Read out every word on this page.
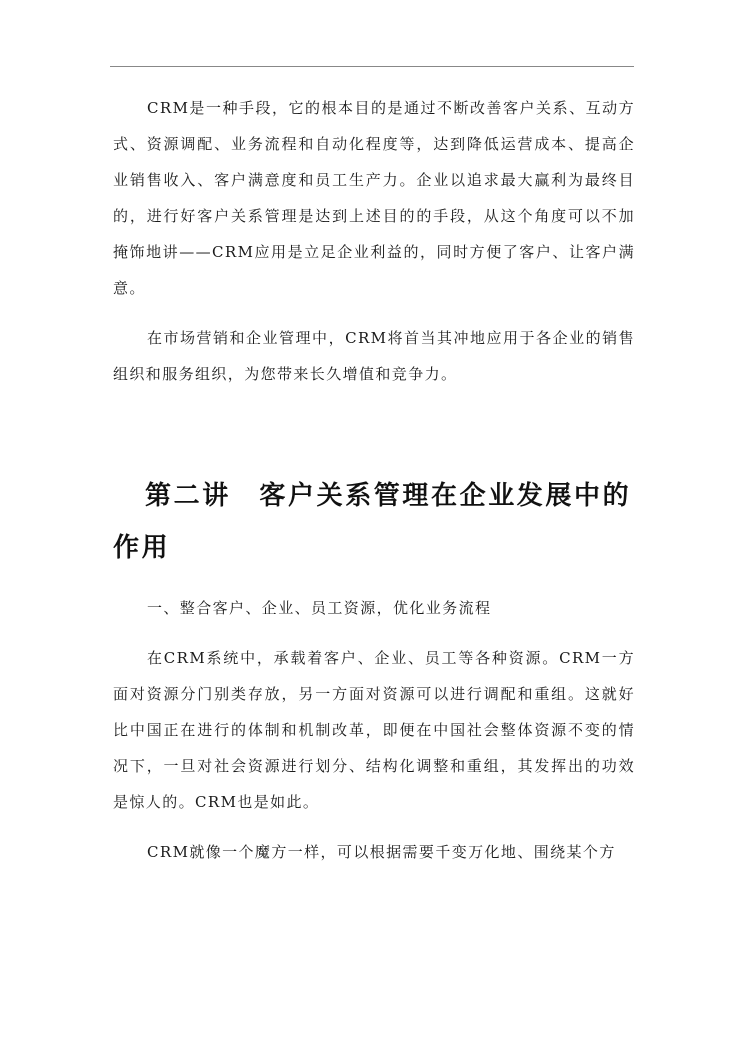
CRM是一种手段，它的根本目的是通过不断改善客户关系、互动方式、资源调配、业务流程和自动化程度等，达到降低运营成本、提高企业销售收入、客户满意度和员工生产力。企业以追求最大赢利为最终目的，进行好客户关系管理是达到上述目的的手段，从这个角度可以不加掩饰地讲——CRM应用是立足企业利益的，同时方便了客户、让客户满意。

在市场营销和企业管理中，CRM将首当其冲地应用于各企业的销售组织和服务组织，为您带来长久增值和竞争力。

第二讲　客户关系管理在企业发展中的作用

一、整合客户、企业、员工资源，优化业务流程

在CRM系统中，承载着客户、企业、员工等各种资源。CRM一方面对资源分门别类存放，另一方面对资源可以进行调配和重组。这就好比中国正在进行的体制和机制改革，即便在中国社会整体资源不变的情况下，一旦对社会资源进行划分、结构化调整和重组，其发挥出的功效是惊人的。CRM也是如此。

CRM就像一个魔方一样，可以根据需要千变万化地、围绕某个方
